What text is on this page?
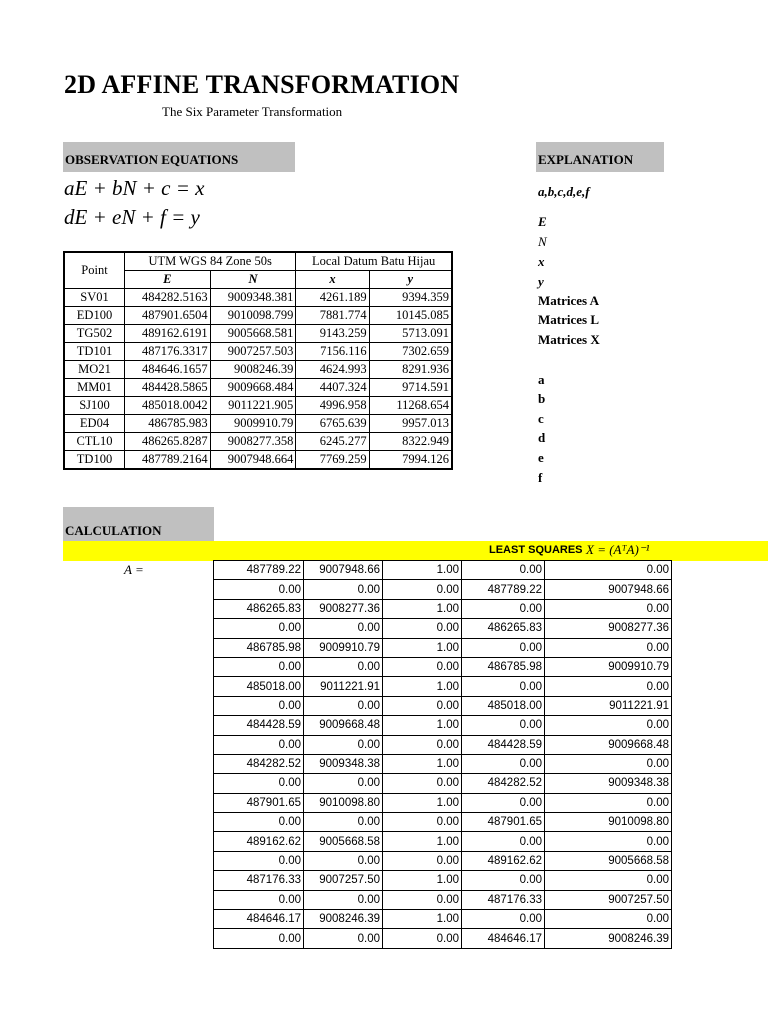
2D AFFINE TRANSFORMATION
The Six Parameter Transformation
OBSERVATION EQUATIONS	EXPLANATION
aE + bN + c = x
dE + eN + f = y
a,b,c,d,e,f
E
N
x
y
Matrices A
Matrices L
Matrices X
a
b
c
d
e
f
Point	UTM WGS 84 Zone 50s		Local Datum Batu Hijau	
	E	N	x	y
SV01	484282.5163	9009348.381	4261.189	9394.359
ED100	487901.6504	9010098.799	7881.774	10145.085
TG502	489162.6191	9005668.581	9143.259	5713.091
TD101	487176.3317	9007257.503	7156.116	7302.659
MO21	484646.1657	9008246.39	4624.993	8291.936
MM01	484428.5865	9009668.484	4407.324	9714.591
SJ100	485018.0042	9011221.905	4996.958	11268.654
ED04	486785.983	9009910.79	6765.639	9957.013
CTL10	486265.8287	9008277.358	6245.277	8322.949
TD100	487789.2164	9007948.664	7769.259	7994.126
CALCULATION
LEAST SQUARES X = (AᵀA)⁻¹
A =	487789.22	9007948.66	1.00	0.00	0.00
0.00	0.00	0.00	487789.22	9007948.66
486265.83	9008277.36	1.00	0.00	0.00
0.00	0.00	0.00	486265.83	9008277.36
486785.98	9009910.79	1.00	0.00	0.00
0.00	0.00	0.00	486785.98	9009910.79
485018.00	9011221.91	1.00	0.00	0.00
0.00	0.00	0.00	485018.00	9011221.91
484428.59	9009668.48	1.00	0.00	0.00
0.00	0.00	0.00	484428.59	9009668.48
484282.52	9009348.38	1.00	0.00	0.00
0.00	0.00	0.00	484282.52	9009348.38
487901.65	9010098.80	1.00	0.00	0.00
0.00	0.00	0.00	487901.65	9010098.80
489162.62	9005668.58	1.00	0.00	0.00
0.00	0.00	0.00	489162.62	9005668.58
487176.33	9007257.50	1.00	0.00	0.00
0.00	0.00	0.00	487176.33	9007257.50
484646.17	9008246.39	1.00	0.00	0.00
0.00	0.00	0.00	484646.17	9008246.39
